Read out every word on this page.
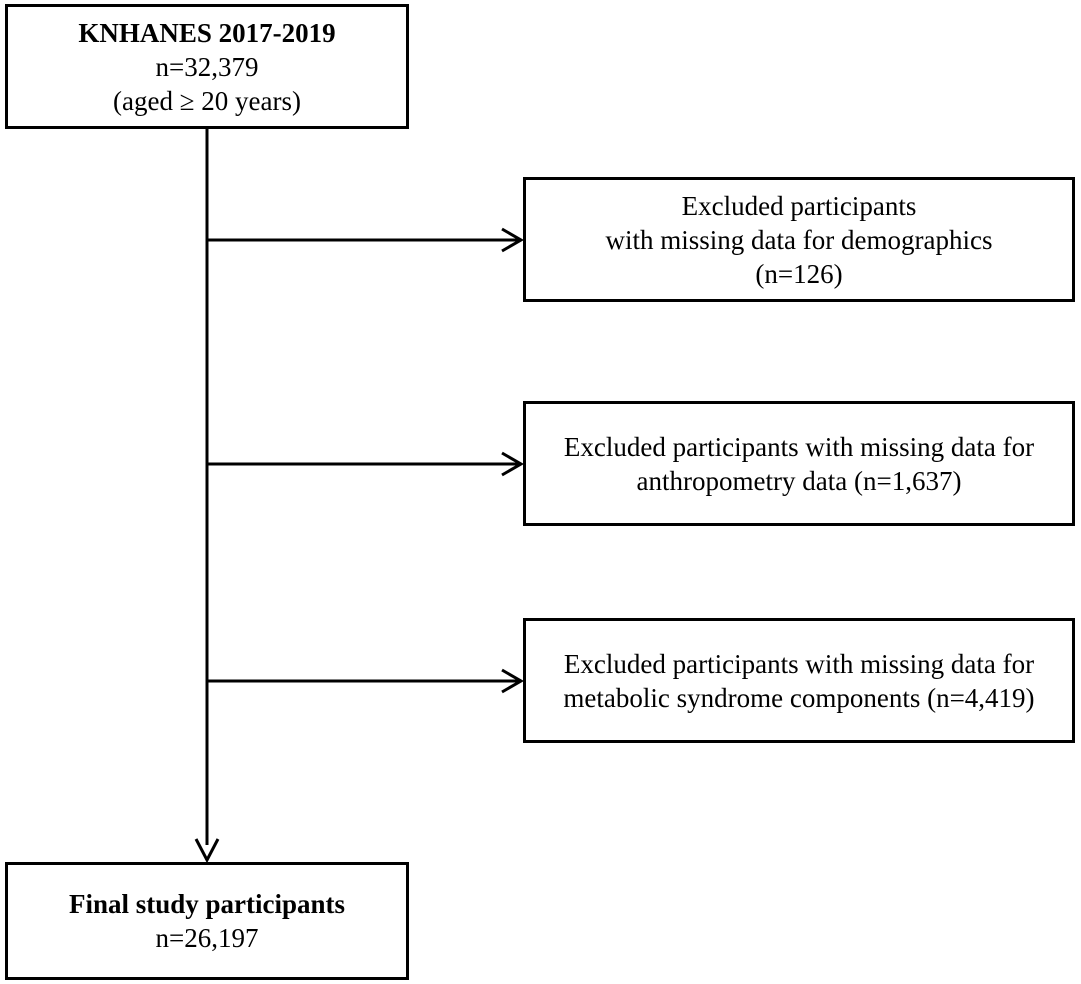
KNHANES 2017-2019
n=32,379
(aged ≥ 20 years)
Excluded participants
with missing data for demographics
(n=126)
Excluded participants with missing data for
anthropometry data (n=1,637)
Excluded participants with missing data for
metabolic syndrome components (n=4,419)
Final study participants
n=26,197
